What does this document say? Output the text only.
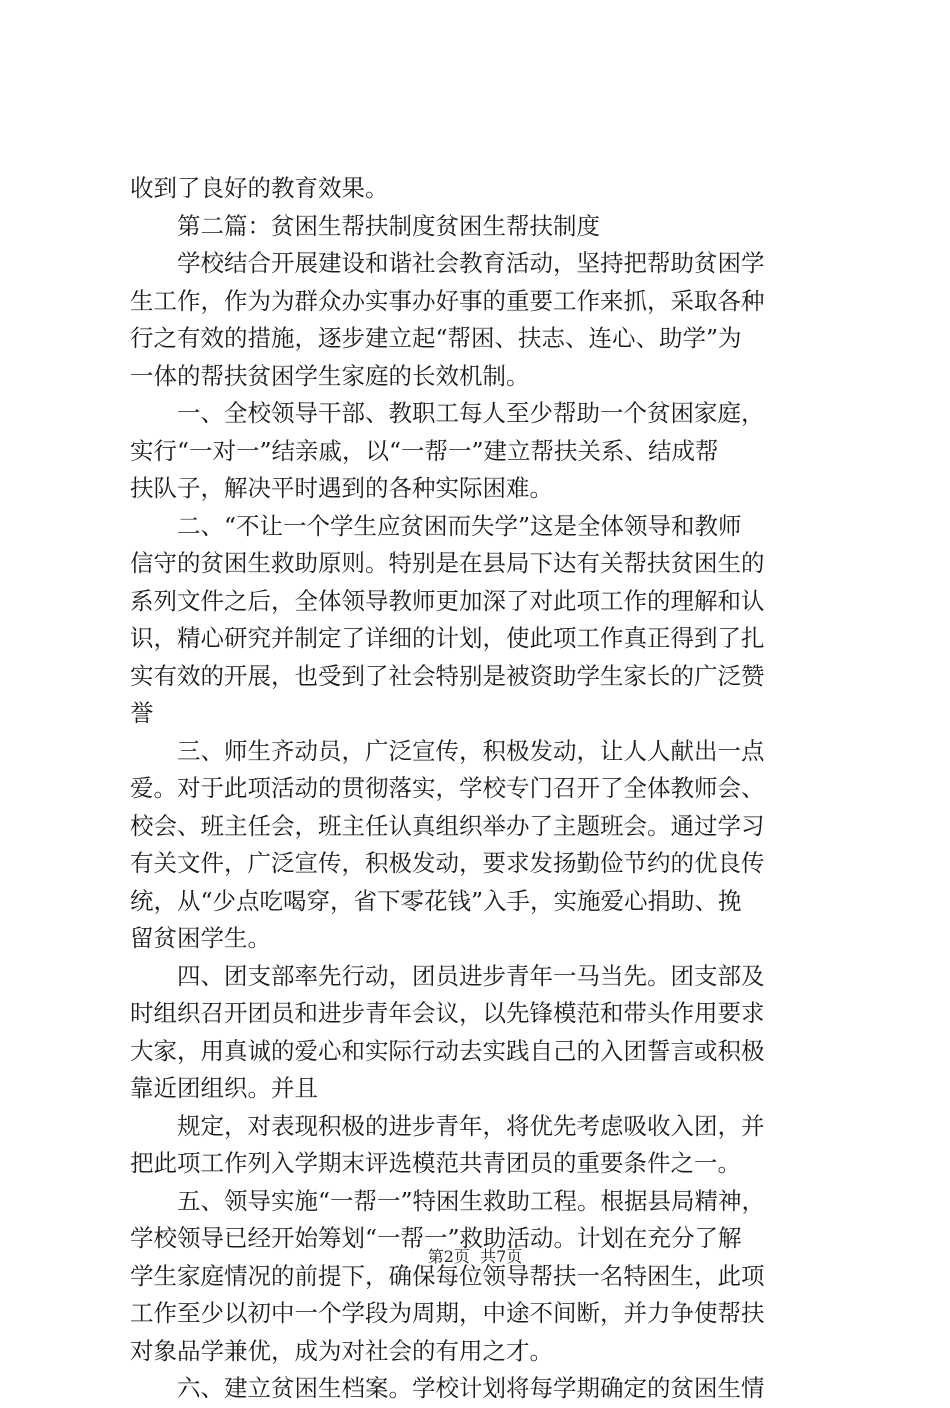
收到了良好的教育效果。
第二篇：贫困生帮扶制度贫困生帮扶制度
学校结合开展建设和谐社会教育活动，坚持把帮助贫困学
生工作，作为为群众办实事办好事的重要工作来抓，采取各种
行之有效的措施，逐步建立起“帮困、扶志、连心、助学”为
一体的帮扶贫困学生家庭的长效机制。
一、全校领导干部、教职工每人至少帮助一个贫困家庭，
实行“一对一”结亲戚，以“一帮一”建立帮扶关系、结成帮
扶队子，解决平时遇到的各种实际困难。
二、“不让一个学生应贫困而失学”这是全体领导和教师
信守的贫困生救助原则。特别是在县局下达有关帮扶贫困生的
系列文件之后，全体领导教师更加深了对此项工作的理解和认
识，精心研究并制定了详细的计划，使此项工作真正得到了扎
实有效的开展，也受到了社会特别是被资助学生家长的广泛赞
誉
三、师生齐动员，广泛宣传，积极发动，让人人献出一点
爱。对于此项活动的贯彻落实，学校专门召开了全体教师会、
校会、班主任会，班主任认真组织举办了主题班会。通过学习
有关文件，广泛宣传，积极发动，要求发扬勤俭节约的优良传
统，从“少点吃喝穿，省下零花钱”入手，实施爱心捐助、挽
留贫困学生。
四、团支部率先行动，团员进步青年一马当先。团支部及
时组织召开团员和进步青年会议，以先锋模范和带头作用要求
大家，用真诚的爱心和实际行动去实践自己的入团誓言或积极
靠近团组织。并且
规定，对表现积极的进步青年，将优先考虑吸收入团，并
把此项工作列入学期末评选模范共青团员的重要条件之一。
五、领导实施“一帮一”特困生救助工程。根据县局精神，
学校领导已经开始筹划“一帮一”救助活动。计划在充分了解
学生家庭情况的前提下，确保每位领导帮扶一名特困生，此项
工作至少以初中一个学段为周期，中途不间断，并力争使帮扶
对象品学兼优，成为对社会的有用之才。
六、建立贫困生档案。学校计划将每学期确定的贫困生情
第2页  共7页
